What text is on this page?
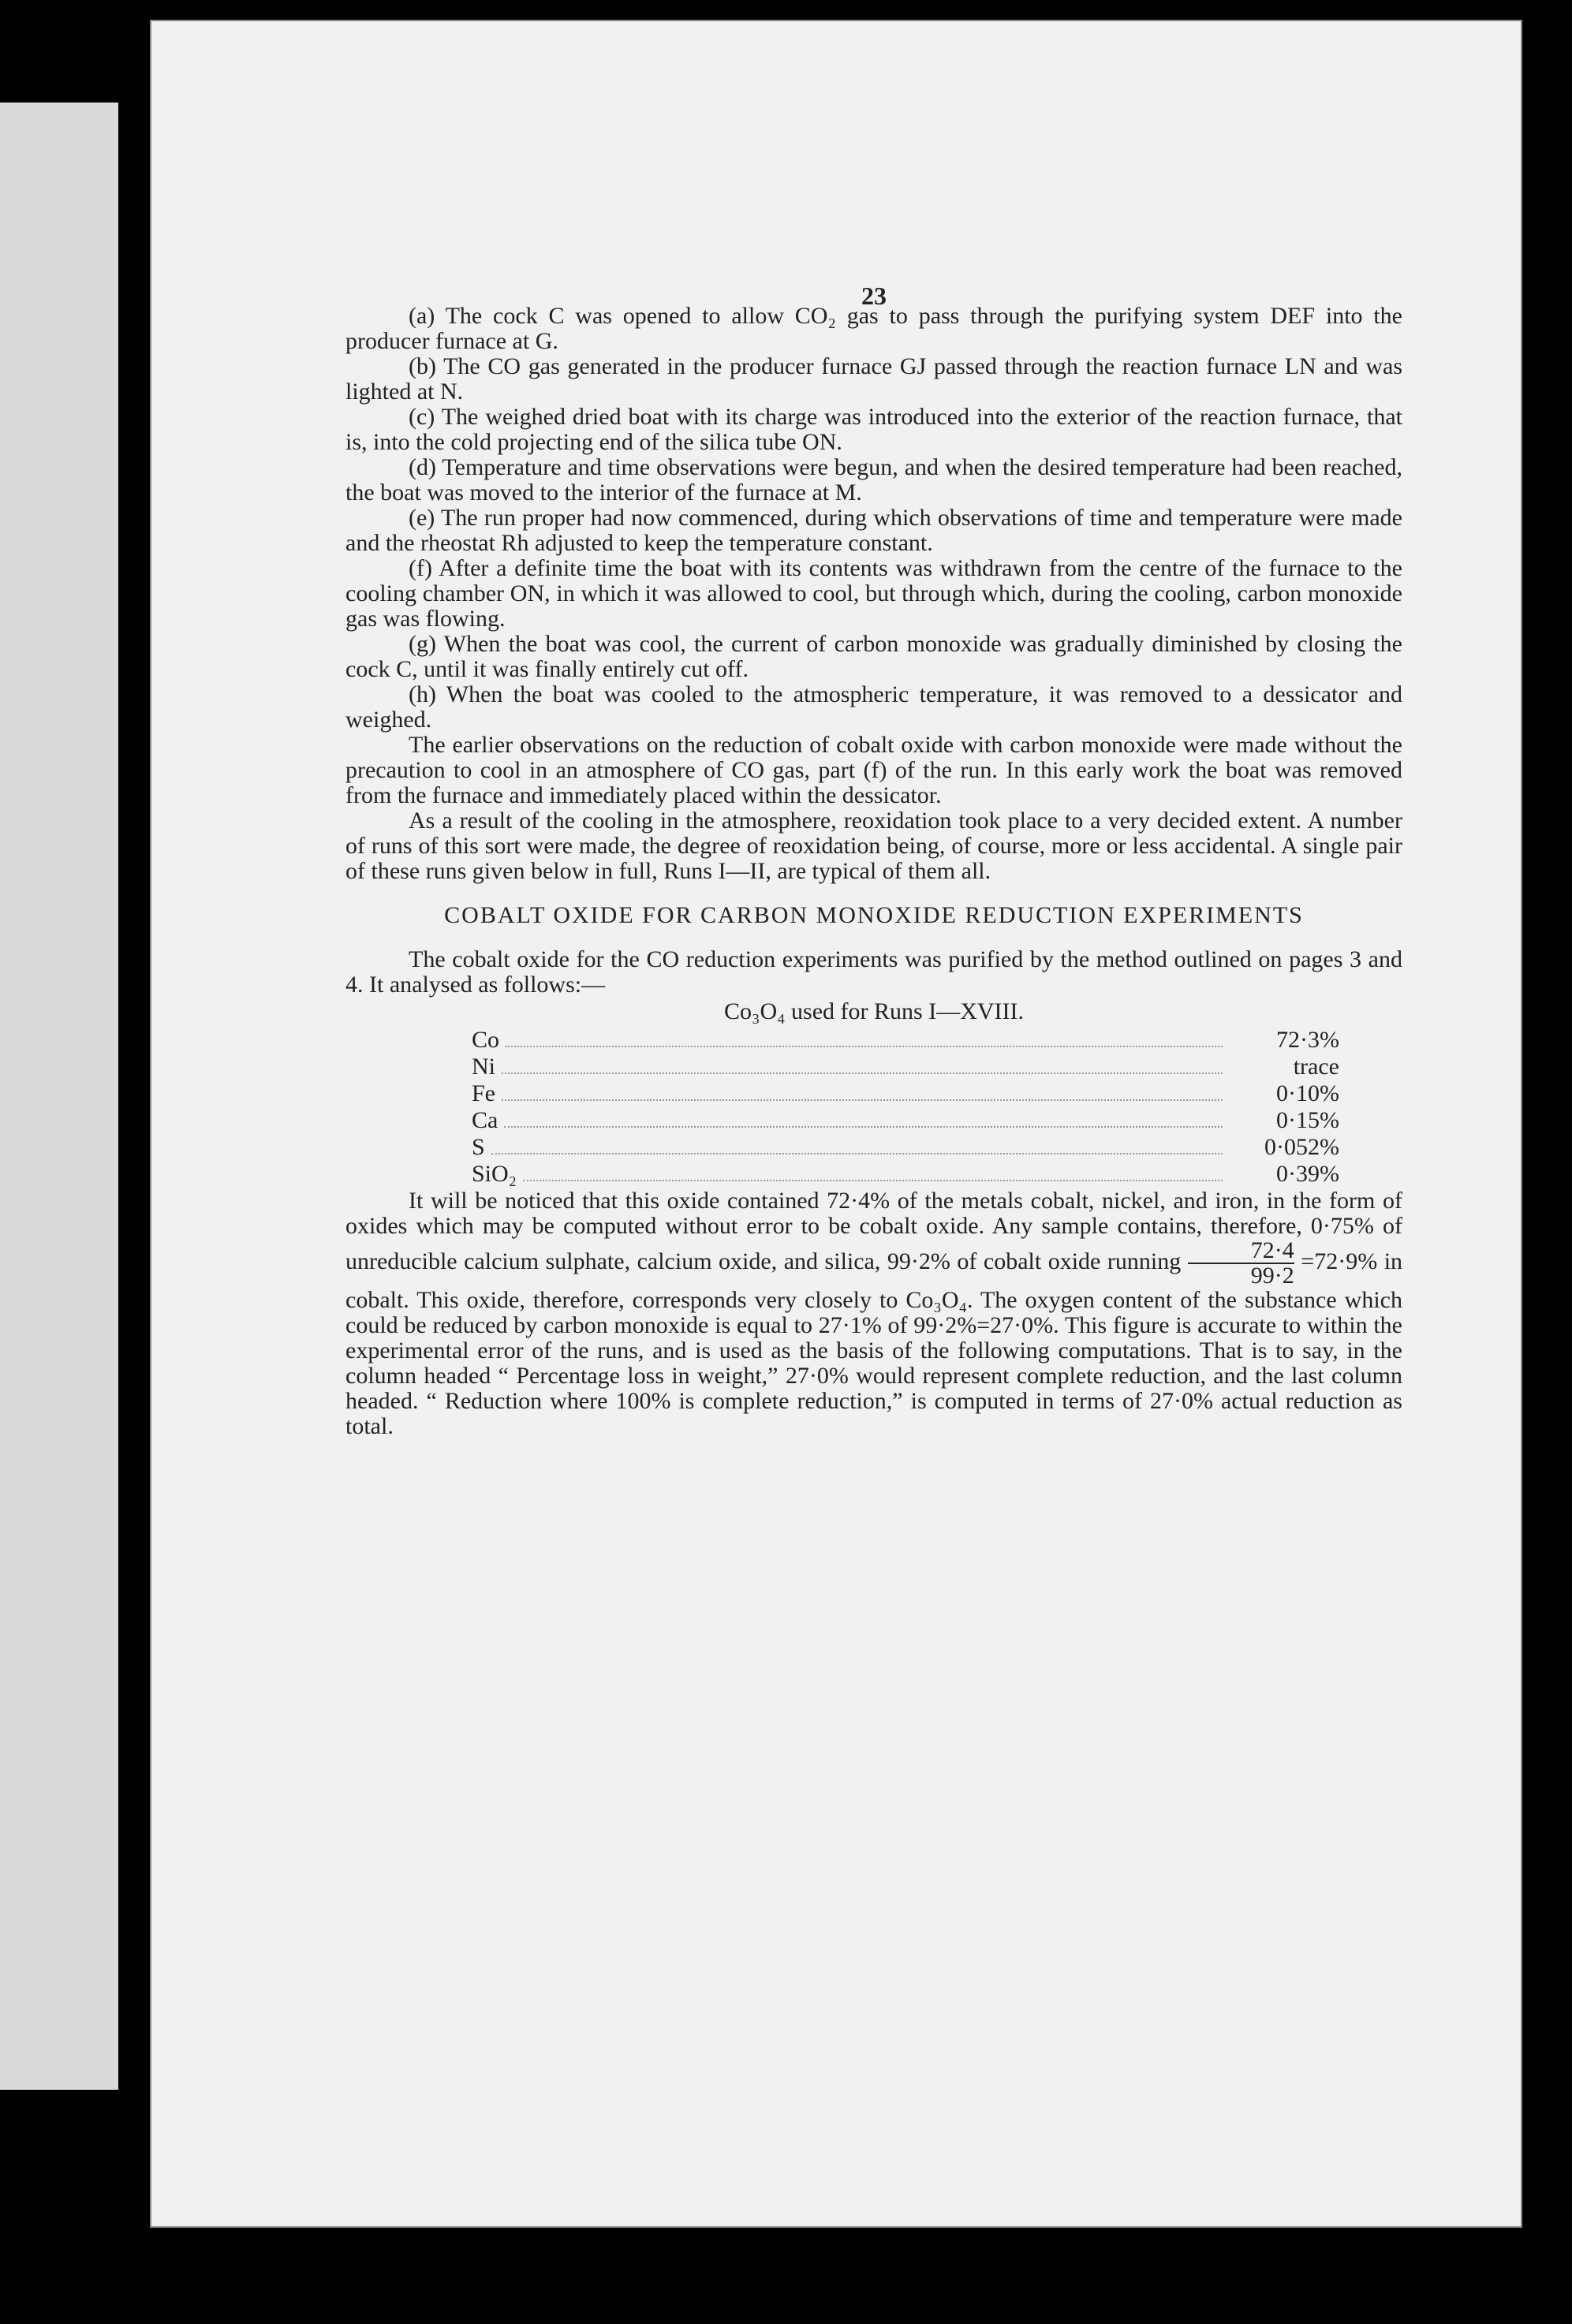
23

(a) The cock C was opened to allow CO₂ gas to pass through the purifying system DEF into the producer furnace at G.

(b) The CO gas generated in the producer furnace GJ passed through the reaction furnace LN and was lighted at N.

(c) The weighed dried boat with its charge was introduced into the exterior of the reaction furnace, that is, into the cold projecting end of the silica tube ON.

(d) Temperature and time observations were begun, and when the desired temperature had been reached, the boat was moved to the interior of the furnace at M.

(e) The run proper had now commenced, during which observations of time and temperature were made and the rheostat Rh adjusted to keep the temperature constant.

(f) After a definite time the boat with its contents was withdrawn from the centre of the furnace to the cooling chamber ON, in which it was allowed to cool, but through which, during the cooling, carbon monoxide gas was flowing.

(g) When the boat was cool, the current of carbon monoxide was gradually diminished by closing the cock C, until it was finally entirely cut off.

(h) When the boat was cooled to the atmospheric temperature, it was removed to a dessicator and weighed.

The earlier observations on the reduction of cobalt oxide with carbon monoxide were made without the precaution to cool in an atmosphere of CO gas, part (f) of the run. In this early work the boat was removed from the furnace and immediately placed within the dessicator.

As a result of the cooling in the atmosphere, reoxidation took place to a very decided extent. A number of runs of this sort were made, the degree of reoxidation being, of course, more or less accidental. A single pair of these runs given below in full, Runs I—II, are typical of them all.

COBALT OXIDE FOR CARBON MONOXIDE REDUCTION EXPERIMENTS

The cobalt oxide for the CO reduction experiments was purified by the method outlined on pages 3 and 4. It analysed as follows:—

Co₃O₄ used for Runs I—XVIII.
Co	72·3%
Ni	trace
Fe	0·10%
Ca	0·15%
S	0·052%
SiO₂	0·39%

It will be noticed that this oxide contained 72·4% of the metals cobalt, nickel, and iron, in the form of oxides which may be computed without error to be cobalt oxide. Any sample contains, therefore, 0·75% of unreducible calcium sulphate, calcium oxide, and silica, 99·2% of cobalt oxide running $\frac{72\cdot 4}{99\cdot 2} =72\cdot 9\%$ in cobalt. This oxide, therefore, corresponds very closely to Co₃O₄. The oxygen content of the substance which could be reduced by carbon monoxide is equal to 27·1% of 99·2%=27·0%. This figure is accurate to within the experimental error of the runs, and is used as the basis of the following computations. That is to say, in the column headed “ Percentage loss in weight,” 27·0% would represent complete reduction, and the last column headed. “ Reduction where 100% is complete reduction,” is computed in terms of 27·0% actual reduction as total.
